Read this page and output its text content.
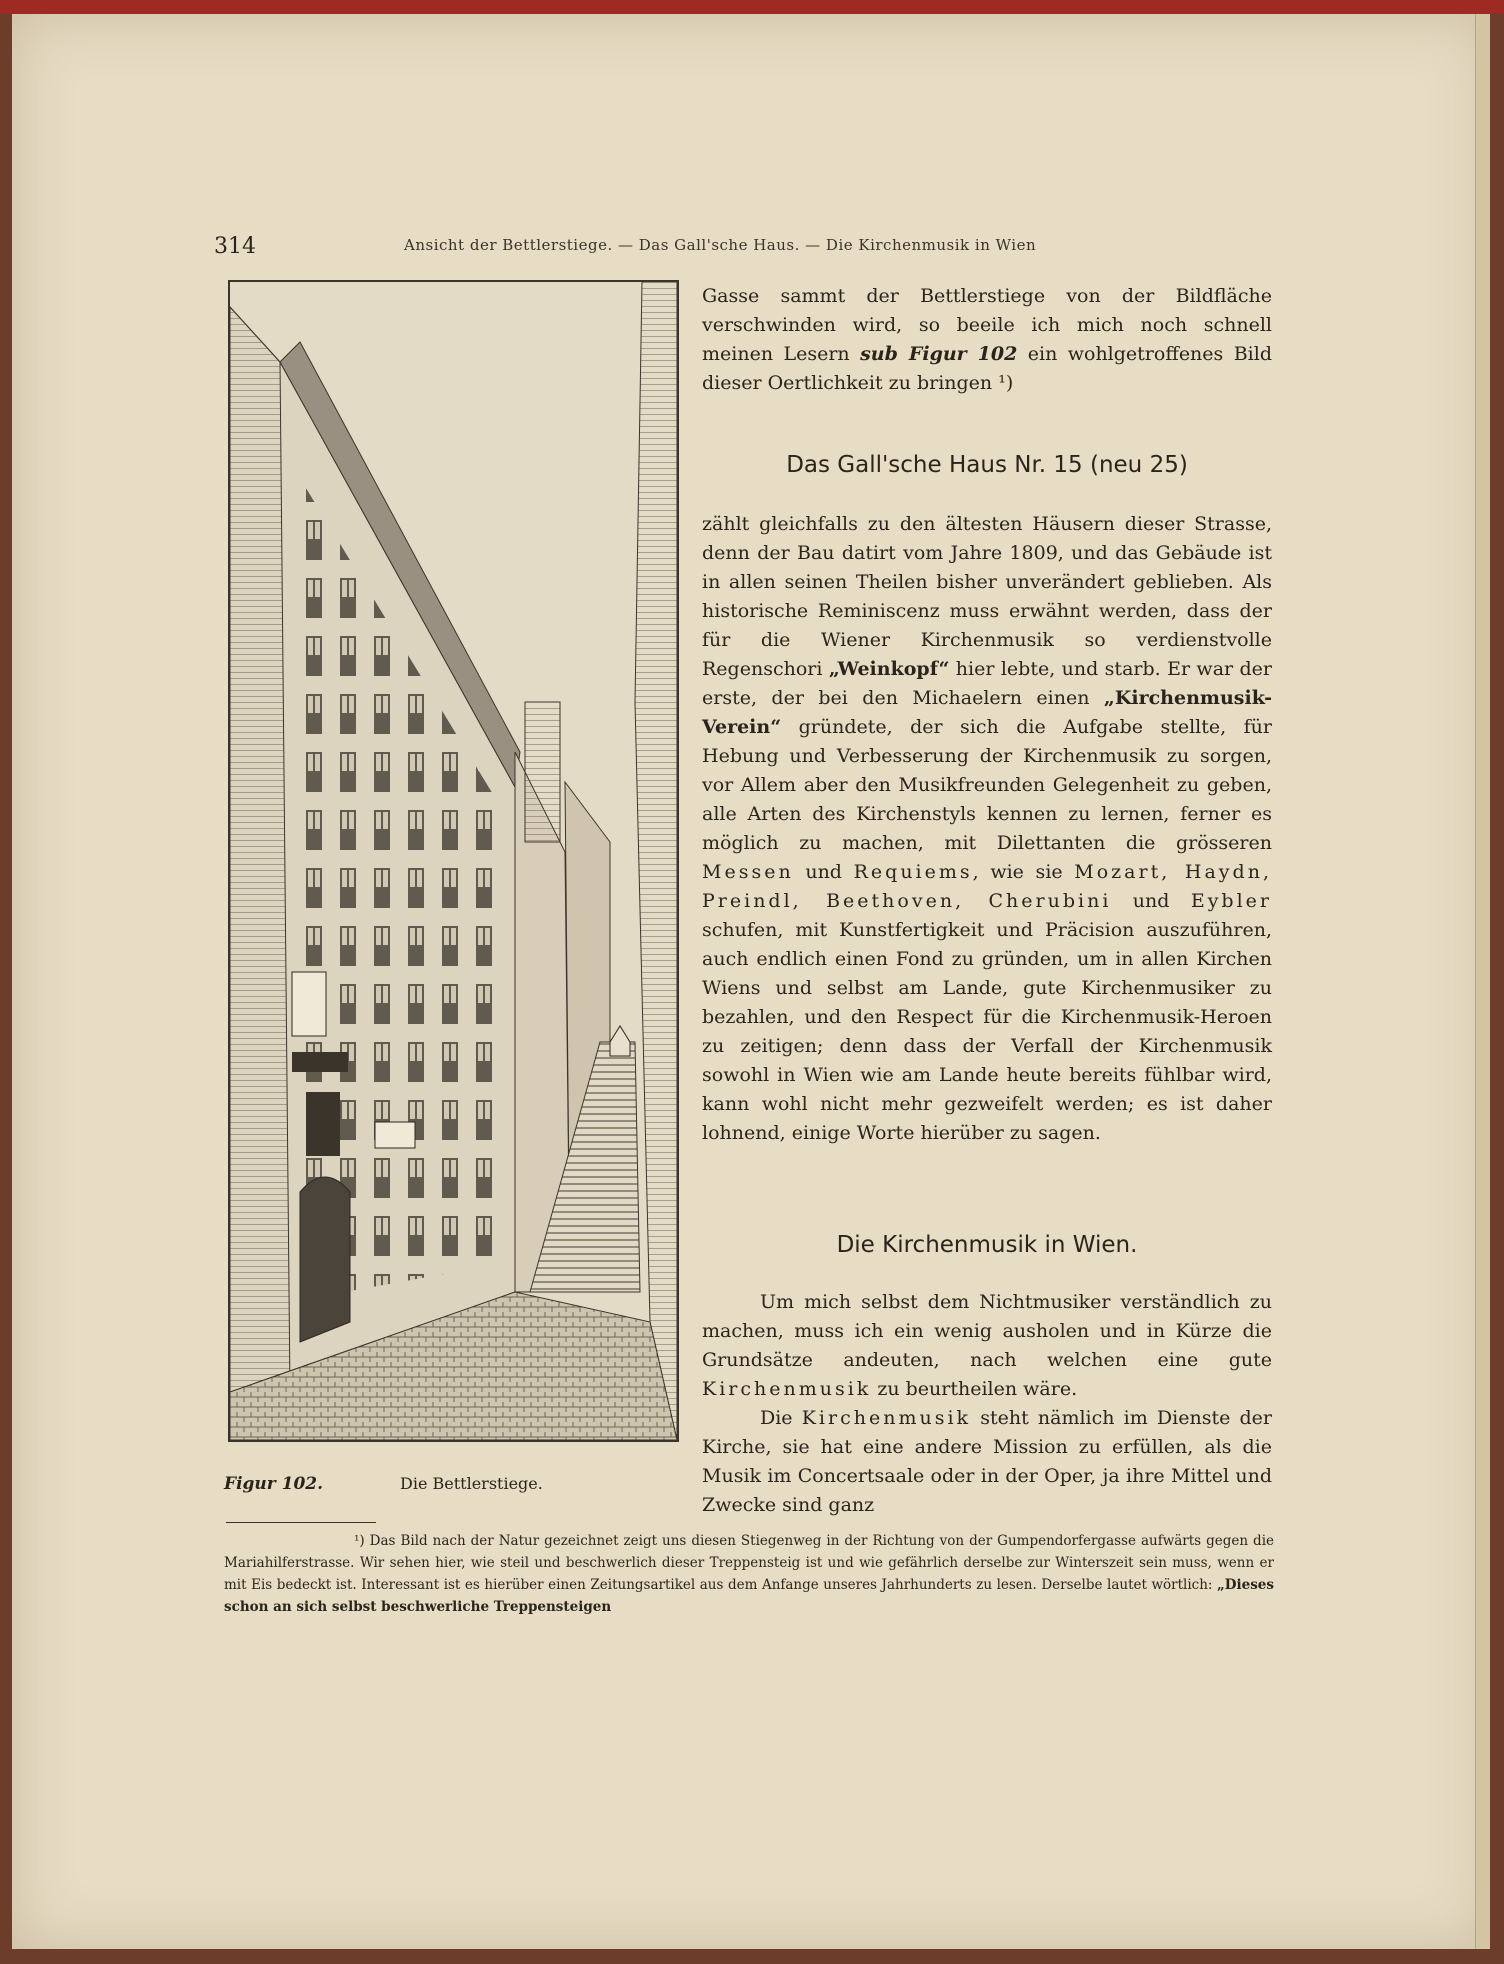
314	Ansicht der Bettlerstiege. — Das Gall'sche Haus. — Die Kirchenmusik in Wien
Figur 102.	Die Bettlerstiege.

Gasse sammt der Bettlerstiege von der Bildfläche verschwinden wird, so beeile ich mich noch schnell meinen Lesern sub Figur 102 ein wohlgetroffenes Bild dieser Oertlichkeit zu bringen ¹)

Das Gall'sche Haus Nr. 15 (neu 25)

zählt gleichfalls zu den ältesten Häusern dieser Strasse, denn der Bau datirt vom Jahre 1809, und das Gebäude ist in allen seinen Theilen bisher unverändert geblieben. Als historische Reminiscenz muss erwähnt werden, dass der für die Wiener Kirchenmusik so verdienstvolle Regenschori „Weinkopf“ hier lebte, und starb. Er war der erste, der bei den Michaelern einen „Kirchenmusik-Verein“ gründete, der sich die Aufgabe stellte, für Hebung und Verbesserung der Kirchenmusik zu sorgen, vor Allem aber den Musikfreunden Gelegenheit zu geben, alle Arten des Kirchenstyls kennen zu lernen, ferner es möglich zu machen, mit Dilettanten die grösseren Messen und Requiems, wie sie Mozart, Haydn, Preindl, Beethoven, Cherubini und Eybler schufen, mit Kunstfertigkeit und Präcision auszuführen, auch endlich einen Fond zu gründen, um in allen Kirchen Wiens und selbst am Lande, gute Kirchenmusiker zu bezahlen, und den Respect für die Kirchenmusik-Heroen zu zeitigen; denn dass der Verfall der Kirchenmusik sowohl in Wien wie am Lande heute bereits fühlbar wird, kann wohl nicht mehr gezweifelt werden; es ist daher lohnend, einige Worte hierüber zu sagen.

Die Kirchenmusik in Wien.

Um mich selbst dem Nichtmusiker verständlich zu machen, muss ich ein wenig ausholen und in Kürze die Grundsätze andeuten, nach welchen eine gute Kirchenmusik zu beurtheilen wäre.

Die Kirchenmusik steht nämlich im Dienste der Kirche, sie hat eine andere Mission zu erfüllen, als die Musik im Concertsaale oder in der Oper, ja ihre Mittel und Zwecke sind ganz

¹) Das Bild nach der Natur gezeichnet zeigt uns diesen Stiegenweg in der Richtung von der Gumpendorfergasse aufwärts gegen die Mariahilferstrasse. Wir sehen hier, wie steil und beschwerlich dieser Treppensteig ist und wie gefährlich derselbe zur Winterszeit sein muss, wenn er mit Eis bedeckt ist. Interessant ist es hierüber einen Zeitungsartikel aus dem Anfange unseres Jahrhunderts zu lesen. Derselbe lautet wörtlich: „Dieses schon an sich selbst beschwerliche Treppensteigen
